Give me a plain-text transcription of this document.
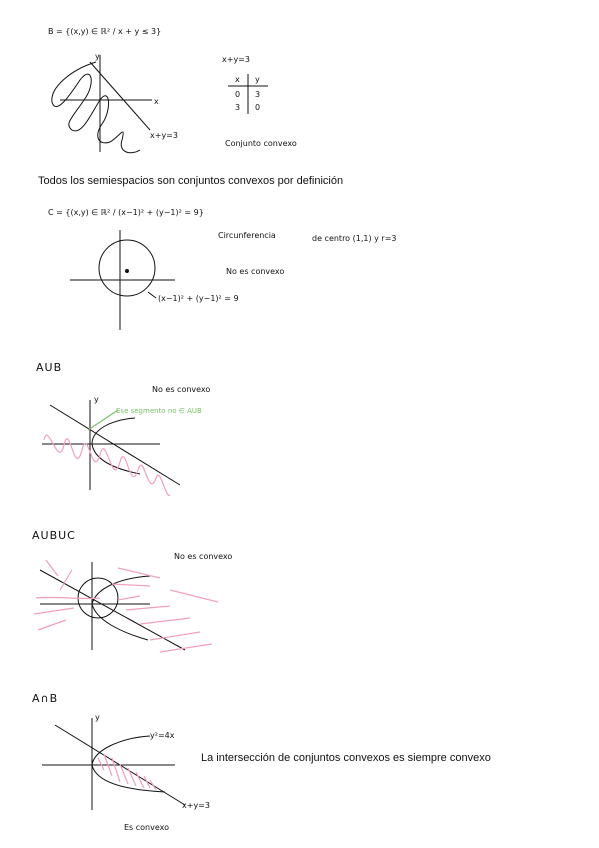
B = {(x,y) ∈ ℝ² / x + y ≤ 3}
y
x
x+y=3
x+y=3
x y
0 3
3 0
Conjunto convexo
C = {(x,y) ∈ ℝ² / (x−1)² + (y−1)² = 9}
Circunferencia	de centro (1,1) y r=3
No es convexo
(x−1)² + (y−1)² = 9
AUB
No es convexo
Ese segmento no ∈ AUB
y
AUBUC
No es convexo
A∩B
y
y²=4x
x+y=3
Es convexo
Todos los semiespacios son conjuntos convexos por definición
La intersección de conjuntos convexos es siempre convexo
